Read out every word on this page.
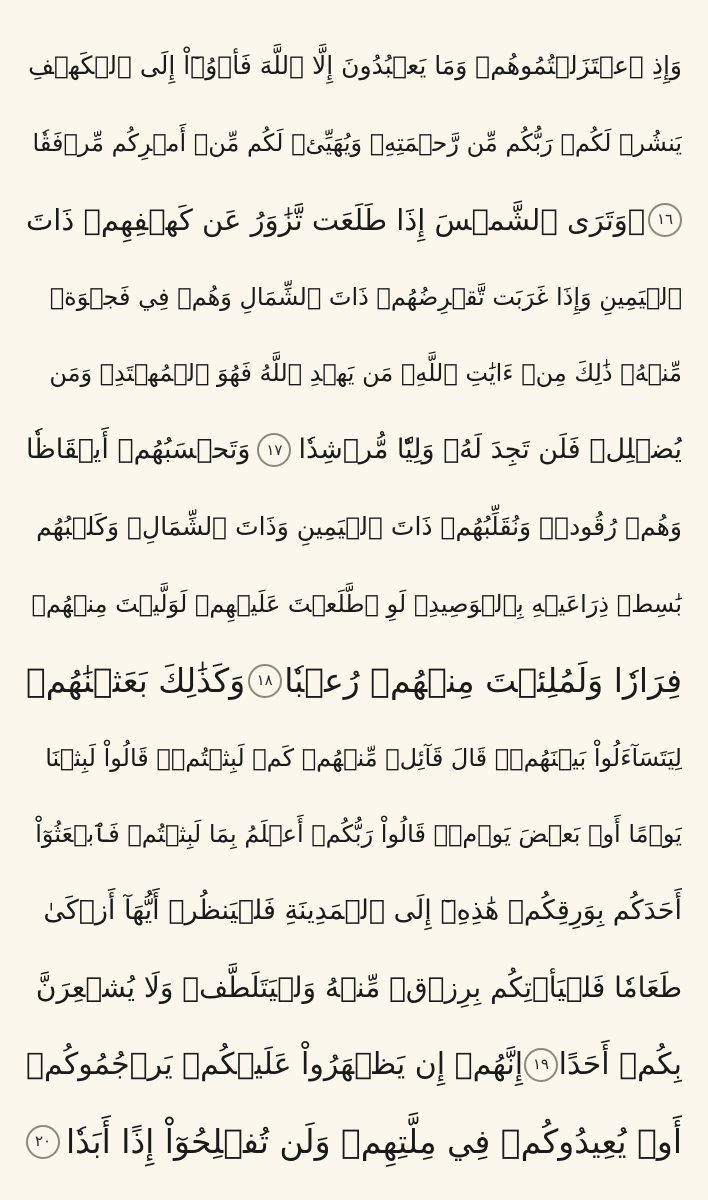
وَإِذِ ٱعۡتَزَلۡتُمُوهُمۡ وَمَا يَعۡبُدُونَ إِلَّا ٱللَّهَ فَأۡوُۥٓاْ إِلَى ٱلۡكَهۡفِ
يَنشُرۡ لَكُمۡ رَبُّكُم مِّن رَّحۡمَتِهِۦ وَيُهَيِّئۡ لَكُم مِّنۡ أَمۡرِكُم مِّرۡفَقٗا
١٦
۞وَتَرَى ٱلشَّمۡسَ إِذَا طَلَعَت تَّزَٰوَرُ عَن كَهۡفِهِمۡ ذَاتَ
ٱلۡيَمِينِ وَإِذَا غَرَبَت تَّقۡرِضُهُمۡ ذَاتَ ٱلشِّمَالِ وَهُمۡ فِي فَجۡوَةٖ
مِّنۡهُۚ ذَٰلِكَ مِنۡ ءَايَٰتِ ٱللَّهِۗ مَن يَهۡدِ ٱللَّهُ فَهُوَ ٱلۡمُهۡتَدِۖ وَمَن
يُضۡلِلۡ فَلَن تَجِدَ لَهُۥ وَلِيّٗا مُّرۡشِدٗا
١٧
وَتَحۡسَبُهُمۡ أَيۡقَاظٗا
وَهُمۡ رُقُودٞۚ وَنُقَلِّبُهُمۡ ذَاتَ ٱلۡيَمِينِ وَذَاتَ ٱلشِّمَالِۖ وَكَلۡبُهُم
بَٰسِطٞ ذِرَاعَيۡهِ بِٱلۡوَصِيدِۚ لَوِ ٱطَّلَعۡتَ عَلَيۡهِمۡ لَوَلَّيۡتَ مِنۡهُمۡ
فِرَارٗا وَلَمُلِئۡتَ مِنۡهُمۡ رُعۡبٗا
١٨
وَكَذَٰلِكَ بَعَثۡنَٰهُمۡ
لِيَتَسَآءَلُواْ بَيۡنَهُمۡۚ قَالَ قَآئِلٞ مِّنۡهُمۡ كَمۡ لَبِثۡتُمۡۖ قَالُواْ لَبِثۡنَا
يَوۡمًا أَوۡ بَعۡضَ يَوۡمٖۚ قَالُواْ رَبُّكُمۡ أَعۡلَمُ بِمَا لَبِثۡتُمۡ فَٱبۡعَثُوٓاْ
أَحَدَكُم بِوَرِقِكُمۡ هَٰذِهِۦٓ إِلَى ٱلۡمَدِينَةِ فَلۡيَنظُرۡ أَيُّهَآ أَزۡكَىٰ
طَعَامٗا فَلۡيَأۡتِكُم بِرِزۡقٖ مِّنۡهُ وَلۡيَتَلَطَّفۡ وَلَا يُشۡعِرَنَّ
بِكُمۡ أَحَدًا
١٩
إِنَّهُمۡ إِن يَظۡهَرُواْ عَلَيۡكُمۡ يَرۡجُمُوكُمۡ
أَوۡ يُعِيدُوكُمۡ فِي مِلَّتِهِمۡ وَلَن تُفۡلِحُوٓاْ إِذًا أَبَدٗا
٢٠
